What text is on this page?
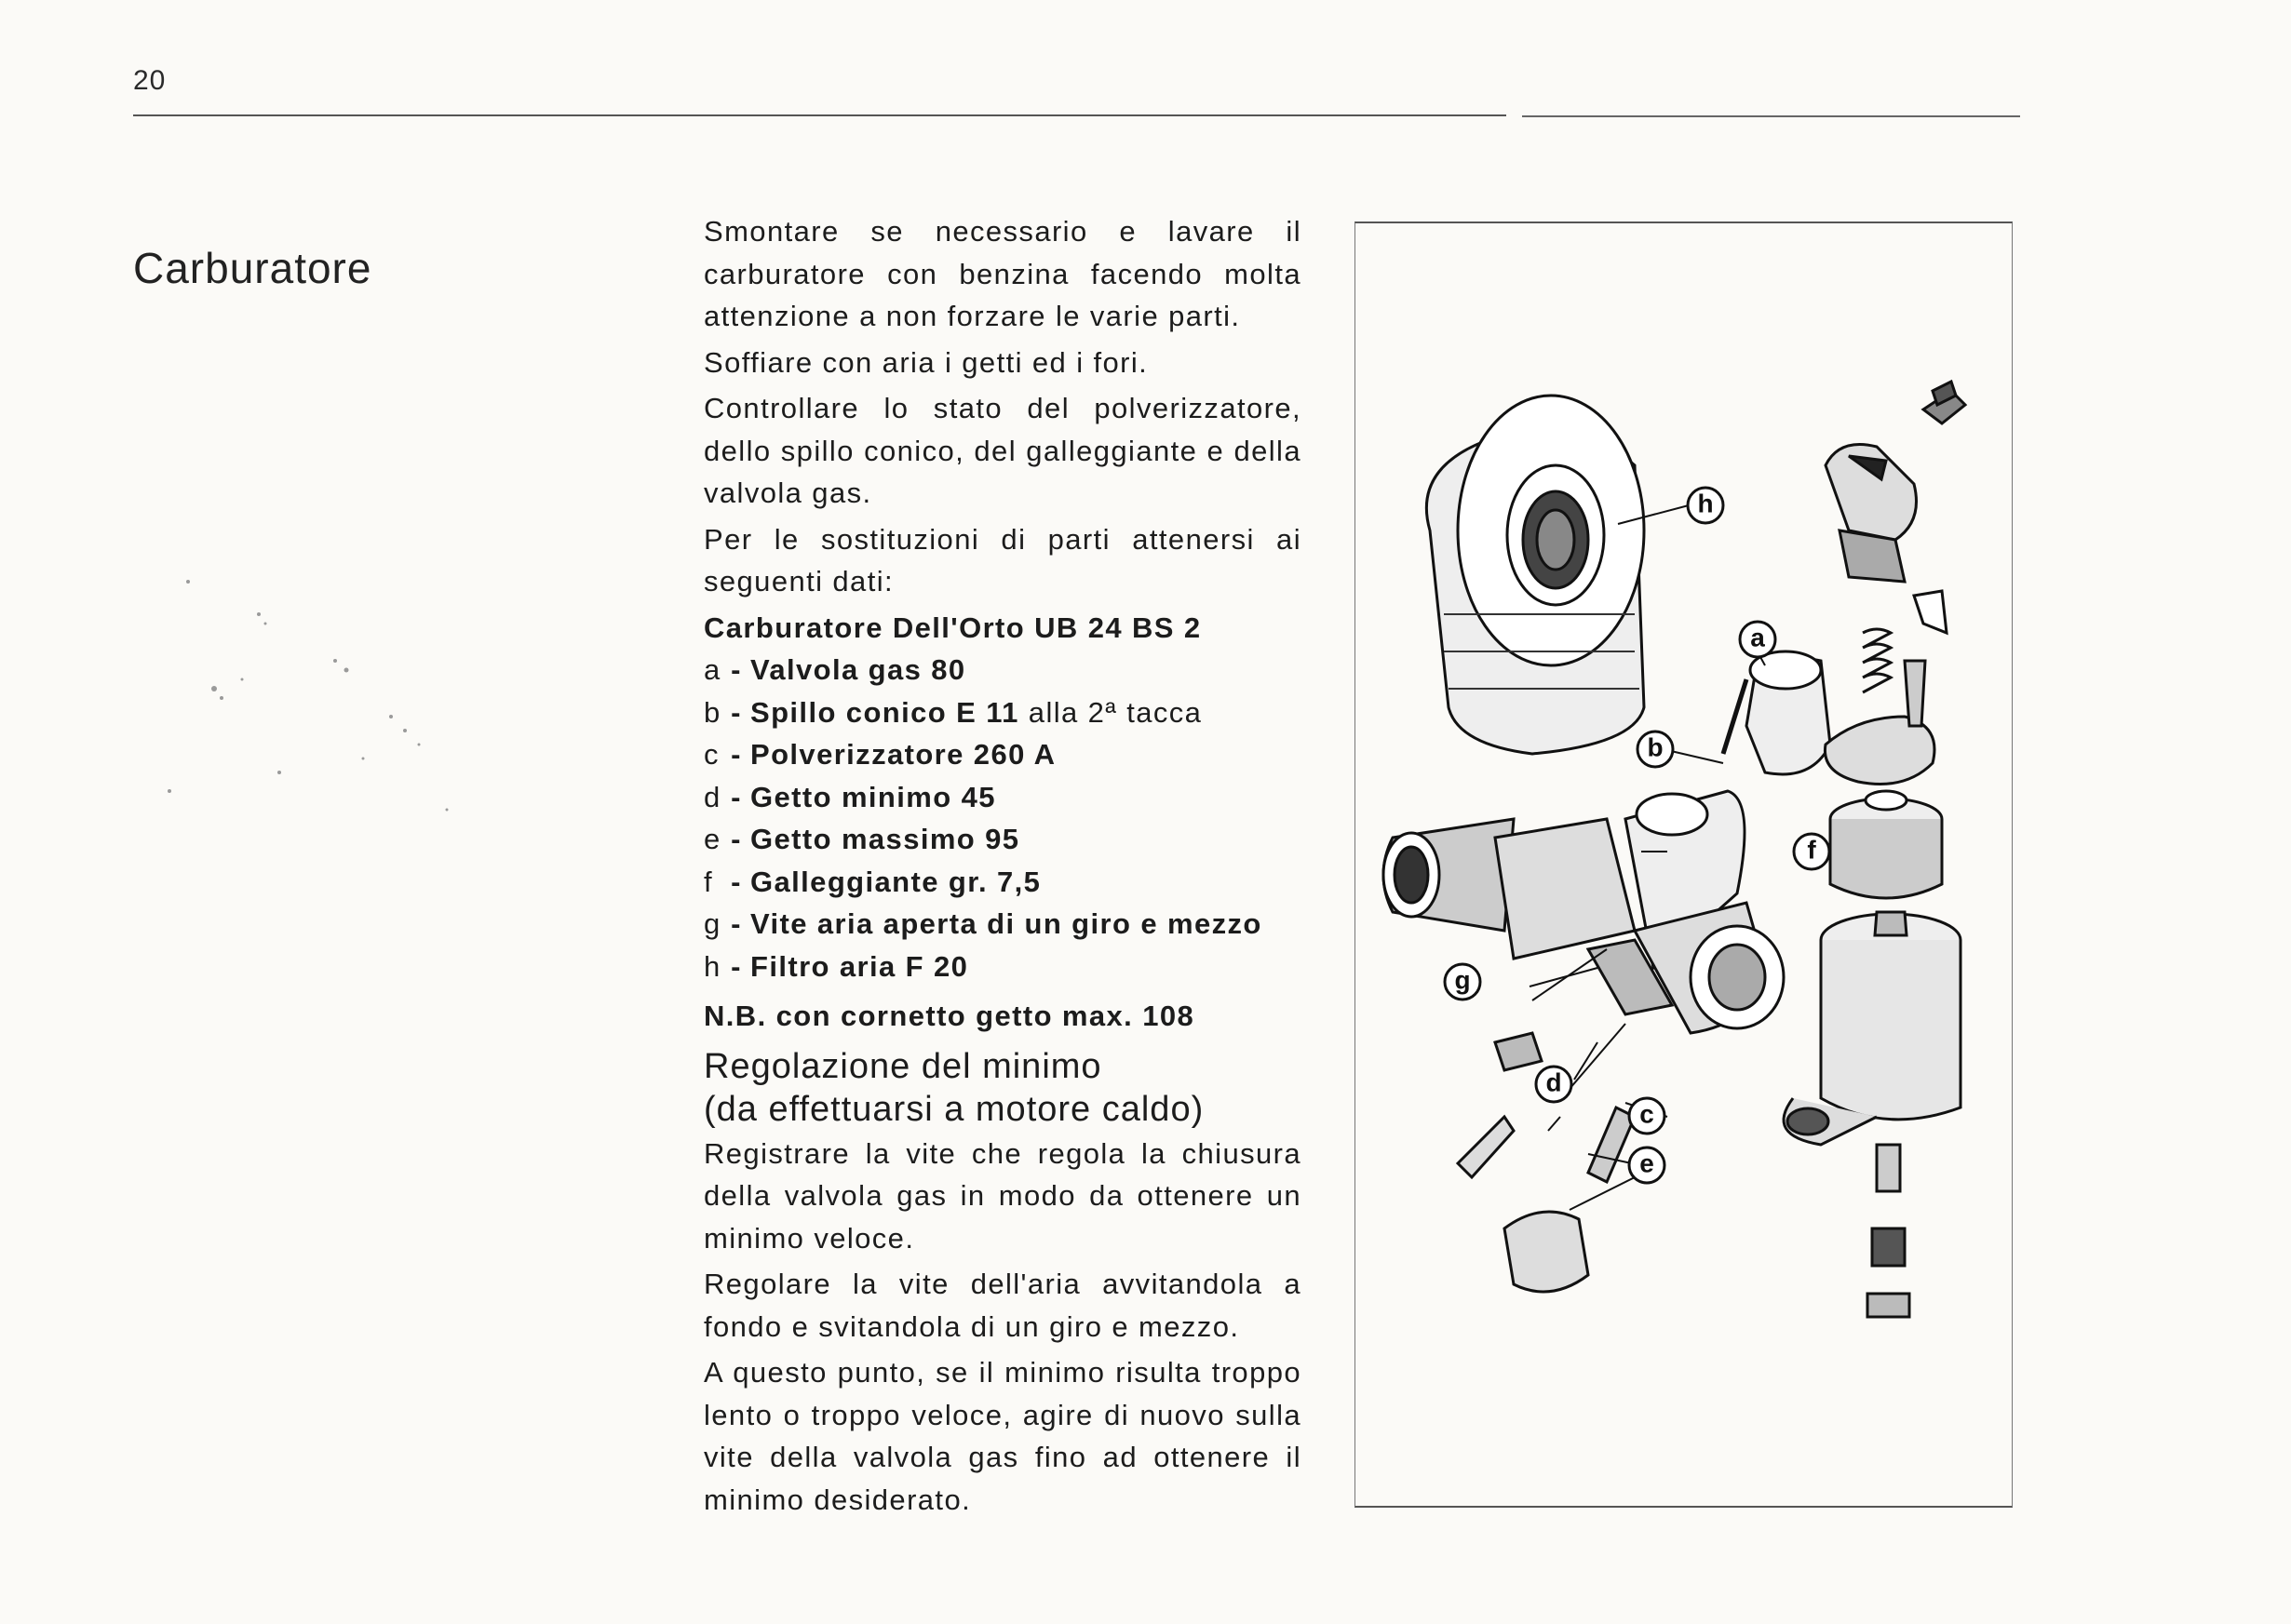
20
Carburatore

Smontare se necessario e lavare il carburatore con benzina facendo molta attenzione a non forzare le varie parti.

Soffiare con aria i getti ed i fori.

Controllare lo stato del polverizzatore, dello spillo conico, del galleggiante e della valvola gas.

Per le sostituzioni di parti attenersi ai seguenti dati:

Carburatore Dell'Orto UB 24 BS 2
a - Valvola gas 80
b - Spillo conico E 11 alla 2ª tacca
c - Polverizzatore 260 A
d - Getto minimo 45
e - Getto massimo 95
f - Galleggiante gr. 7,5
g - Vite aria aperta di un giro e mezzo
h - Filtro aria F 20
N.B. con cornetto getto max. 108
Regolazione del minimo
(da effettuarsi a motore caldo)

Registrare la vite che regola la chiusura della valvola gas in modo da ottenere un minimo veloce.

Regolare la vite dell'aria avvitandola a fondo e svitandola di un giro e mezzo.

A questo punto, se il minimo risulta troppo lento o troppo veloce, agire di nuovo sulla vite della valvola gas fino ad ottenere il minimo desiderato.

h
a
b
f
g
d
c
e
